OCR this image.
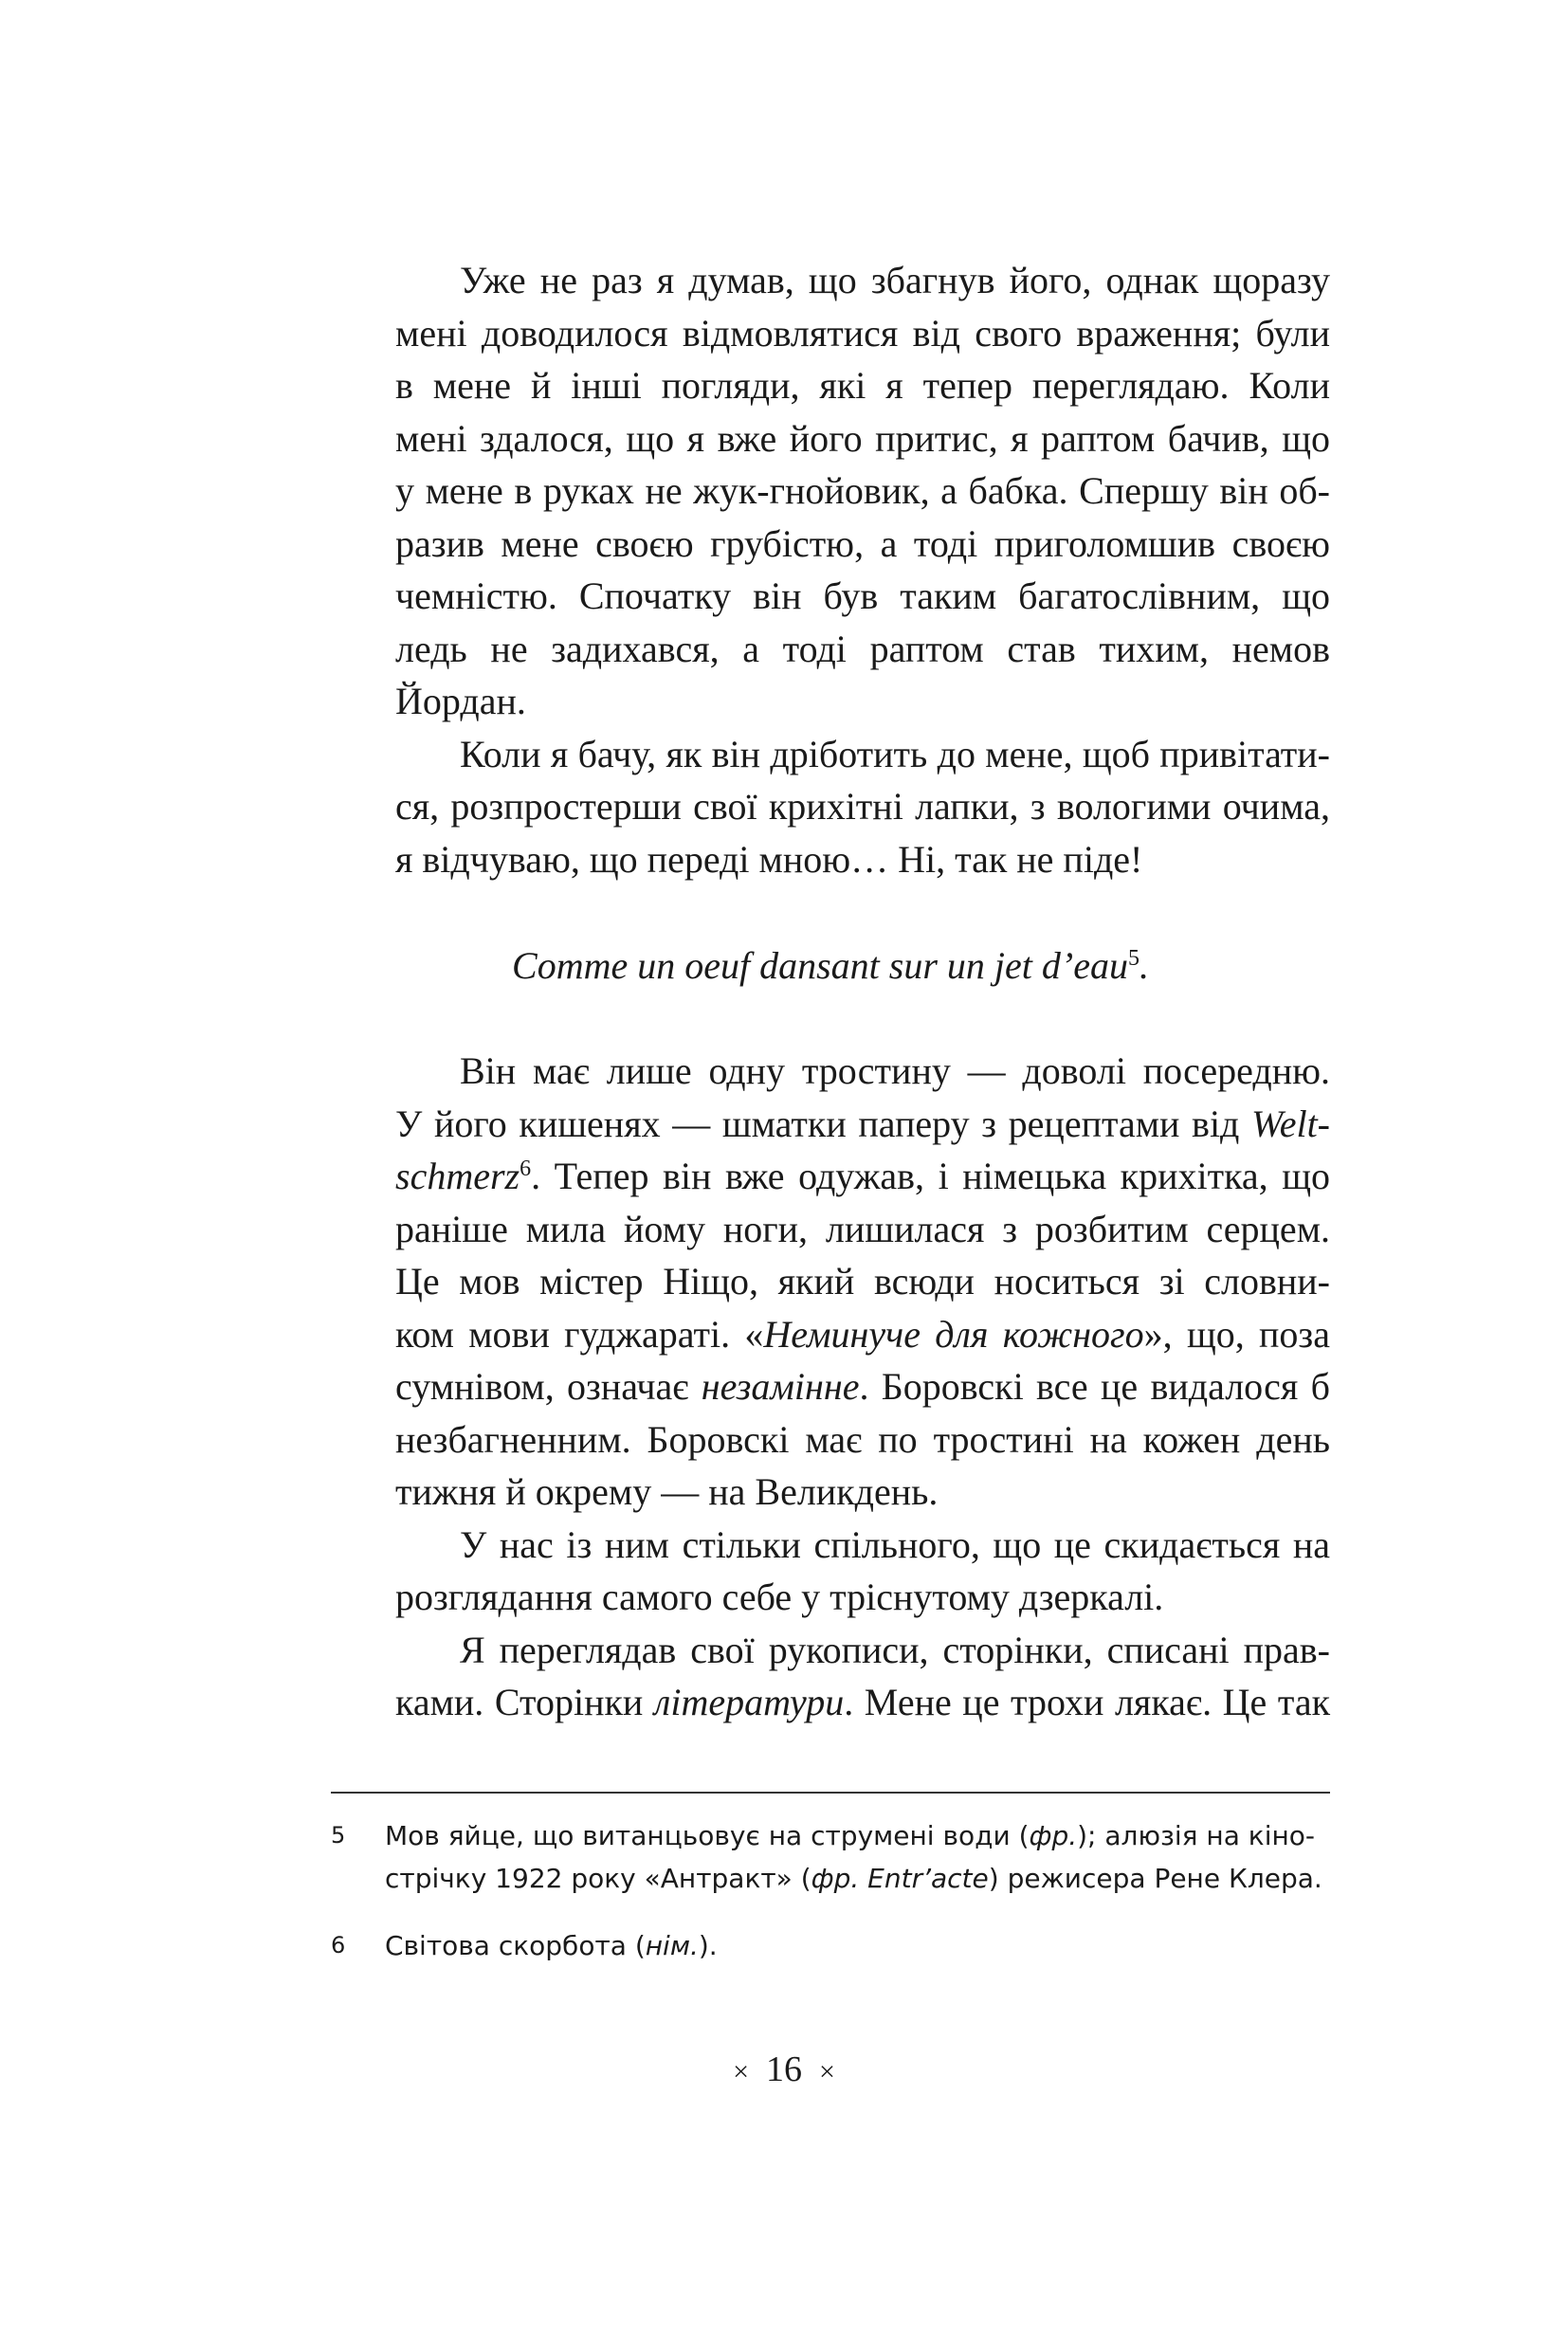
Уже не раз я думав, що збагнув його, однак щоразу
мені доводилося відмовлятися від свого враження; були
в мене й інші погляди, які я тепер переглядаю. Коли
мені здалося, що я вже його притис, я раптом бачив, що
у мене в руках не жук-гнойовик, а бабка. Спершу він об-
разив мене своєю грубістю, а тоді приголомшив своєю
чемністю. Спочатку він був таким багатослівним, що
ледь не задихався, а тоді раптом став тихим, немов
Йордан.
Коли я бачу, як він дріботить до мене, щоб привітати-
ся, розпростерши свої крихітні лапки, з вологими очима,
я відчуваю, що переді мною… Ні, так не піде!
Comme un oeuf dansant sur un jet d’eau$^5$.
Він має лише одну тростину — доволі посередню.
У його кишенях — шматки паперу з рецептами від Welt-
schmerz$^6$. Тепер він вже одужав, і німецька крихітка, що
раніше мила йому ноги, лишилася з розбитим серцем.
Це мов містер Ніщо, який всюди носиться зі словни-
ком мови гуджараті. «Неминуче для кожного», що, поза
сумнівом, означає незамінне. Боровскі все це видалося б
незбагненним. Боровскі має по тростині на кожен день
тижня й окрему — на Великдень.
У нас із ним стільки спільного, що це скидається на
розглядання самого себе у тріснутому дзеркалі.
Я переглядав свої рукописи, сторінки, списані прав-
ками. Сторінки літератури. Мене це трохи лякає. Це так
5 Мов яйце, що витанцьовує на струмені води (фр.); алюзія на кіно-
стрічку 1922 року «Антракт» (фр. Entr’acte) режисера Рене Клера.
6 Світова скорбота (нім.).
× 16 ×
